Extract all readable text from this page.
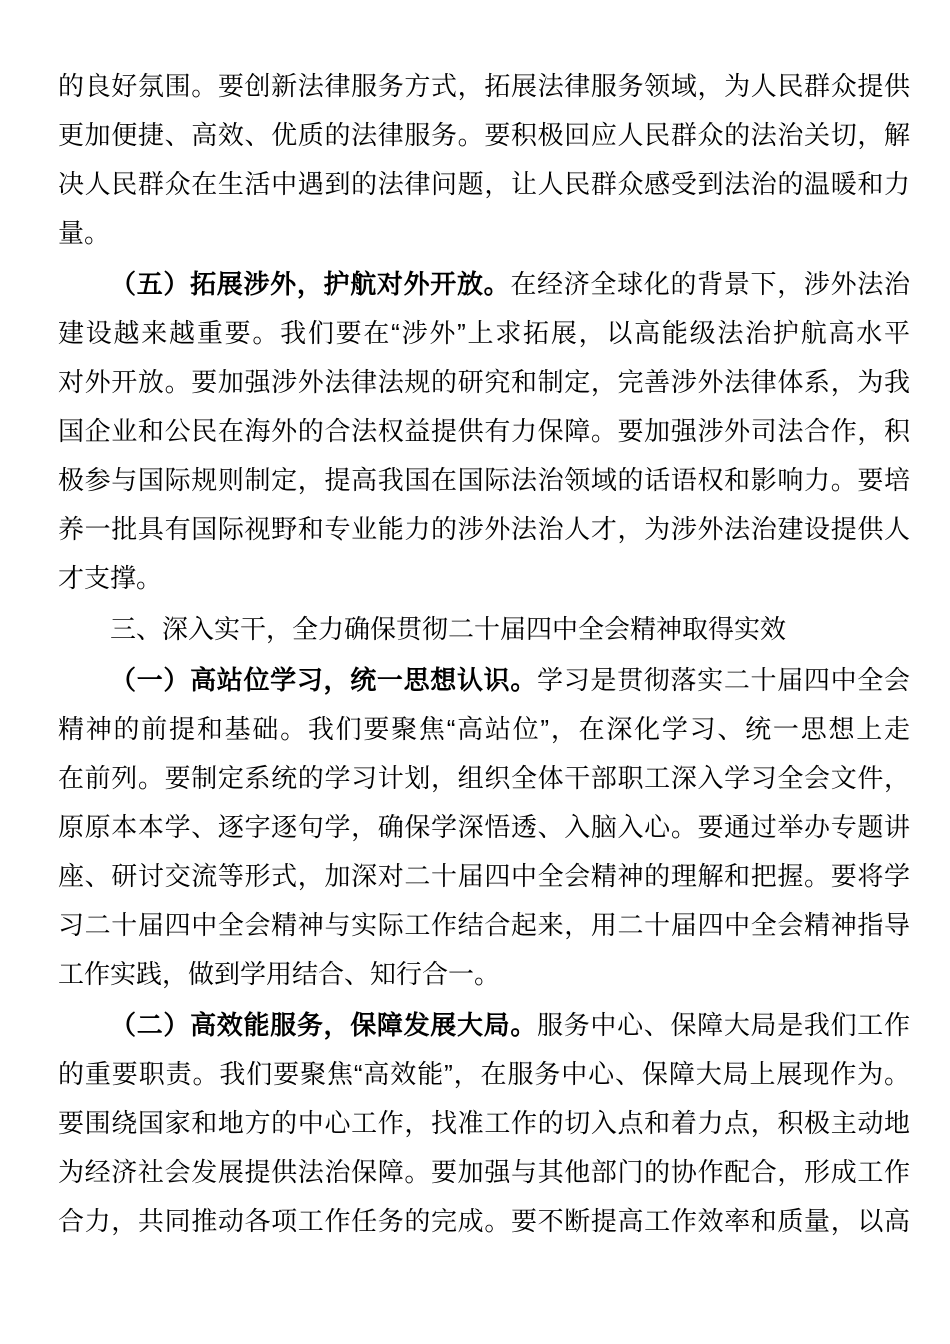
的良好氛围。要创新法律服务方式，拓展法律服务领域，为人民群众提供
更加便捷、高效、优质的法律服务。要积极回应人民群众的法治关切，解
决人民群众在生活中遇到的法律问题，让人民群众感受到法治的温暖和力
量。
（五）拓展涉外，护航对外开放。在经济全球化的背景下，涉外法治
建设越来越重要。我们要在“涉外”上求拓展，以高能级法治护航高水平
对外开放。要加强涉外法律法规的研究和制定，完善涉外法律体系，为我
国企业和公民在海外的合法权益提供有力保障。要加强涉外司法合作，积
极参与国际规则制定，提高我国在国际法治领域的话语权和影响力。要培
养一批具有国际视野和专业能力的涉外法治人才，为涉外法治建设提供人
才支撑。
三、深入实干，全力确保贯彻二十届四中全会精神取得实效
（一）高站位学习，统一思想认识。学习是贯彻落实二十届四中全会
精神的前提和基础。我们要聚焦“高站位”，在深化学习、统一思想上走
在前列。要制定系统的学习计划，组织全体干部职工深入学习全会文件，
原原本本学、逐字逐句学，确保学深悟透、入脑入心。要通过举办专题讲
座、研讨交流等形式，加深对二十届四中全会精神的理解和把握。要将学
习二十届四中全会精神与实际工作结合起来，用二十届四中全会精神指导
工作实践，做到学用结合、知行合一。
（二）高效能服务，保障发展大局。服务中心、保障大局是我们工作
的重要职责。我们要聚焦“高效能”，在服务中心、保障大局上展现作为。
要围绕国家和地方的中心工作，找准工作的切入点和着力点，积极主动地
为经济社会发展提供法治保障。要加强与其他部门的协作配合，形成工作
合力，共同推动各项工作任务的完成。要不断提高工作效率和质量，以高
